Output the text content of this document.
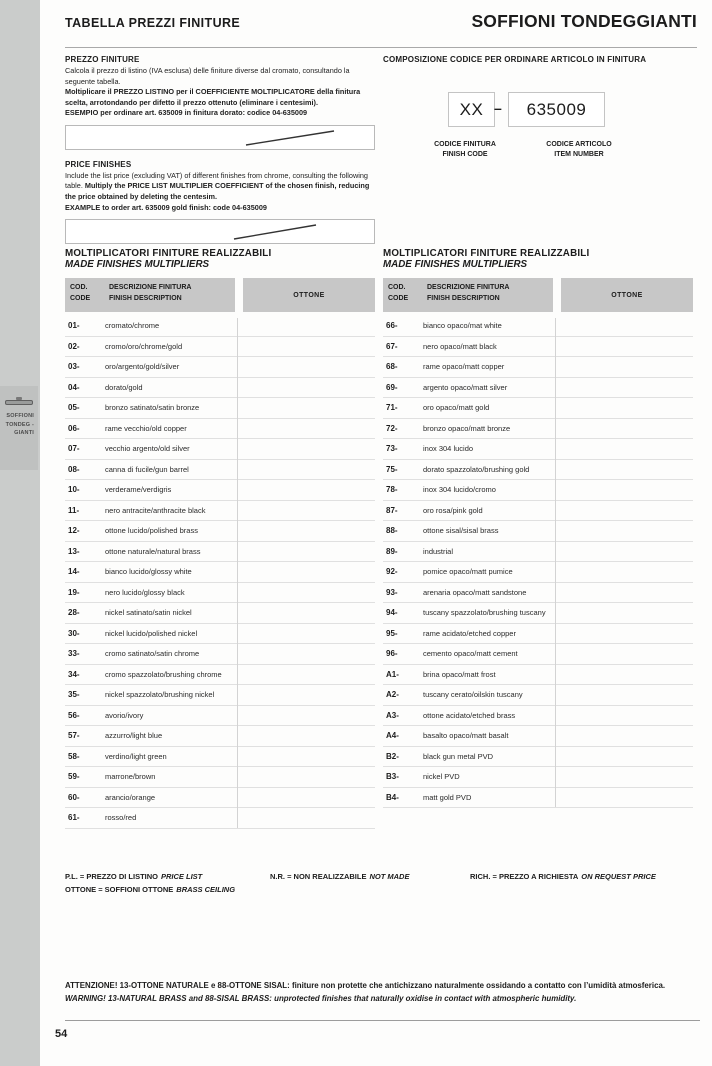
SOFFIONI
TONDEG -
GIANTI
TABELLA PREZZI FINITURE	SOFFIONI TONDEGGIANTI
PREZZO FINITURE
Calcola il prezzo di listino (IVA esclusa) delle finiture diverse dal cromato, consultando la seguente tabella.
Moltiplicare il PREZZO LISTINO per il COEFFICIENTE MOLTIPLICATORE della finitura scelta, arrotondando per difetto il prezzo ottenuto (eliminare i centesimi).
ESEMPIO per ordinare art. 635009 in finitura dorato: codice 04-635009
PRICE FINISHES
Include the list price (excluding VAT) of different finishes from chrome, consulting the following table. Multiply the PRICE LIST MULTIPLIER COEFFICIENT of the chosen finish, reducing the price obtained by deleting the centesim.
EXAMPLE to order art. 635009 gold finish: code 04-635009
COMPOSIZIONE CODICE PER ORDINARE ARTICOLO IN FINITURA
XX –	635009
CODICE FINITURA
FINISH CODE
CODICE ARTICOLO
ITEM NUMBER
MOLTIPLICATORI FINITURE REALIZZABILI
MADE FINISHES MULTIPLIERS
COD.
CODE
DESCRIZIONE FINITURA
FINISH DESCRIPTION	OTTONE
01-	cromato/chrome
02-	cromo/oro/chrome/gold
03-	oro/argento/gold/silver
04-	dorato/gold
05-	bronzo satinato/satin bronze
06-	rame vecchio/old copper
07-	vecchio argento/old silver
08-	canna di fucile/gun barrel
10-	verderame/verdigris
11-	nero antracite/anthracite black
12-	ottone lucido/polished brass
13-	ottone naturale/natural brass
14-	bianco lucido/glossy white
19-	nero lucido/glossy black
28-	nickel satinato/satin nickel
30-	nickel lucido/polished nickel
33-	cromo satinato/satin chrome
34-	cromo spazzolato/brushing chrome
35-	nickel spazzolato/brushing nickel
56-	avorio/ivory
57-	azzurro/light blue
58-	verdino/light green
59-	marrone/brown
60-	arancio/orange
61-	rosso/red
MOLTIPLICATORI FINITURE REALIZZABILI
MADE FINISHES MULTIPLIERS
COD.
CODE
DESCRIZIONE FINITURA
FINISH DESCRIPTION	OTTONE
66-	bianco opaco/mat white
67-	nero opaco/matt black
68-	rame opaco/matt copper
69-	argento opaco/matt silver
71-	oro opaco/matt gold
72-	bronzo opaco/matt bronze
73-	inox 304 lucido
75-	dorato spazzolato/brushing gold
78-	inox 304 lucido/cromo
87-	oro rosa/pink gold
88-	ottone sisal/sisal brass
89-	industrial
92-	pomice opaco/matt pumice
93-	arenaria opaco/matt sandstone
94-	tuscany spazzolato/brushing tuscany
95-	rame acidato/etched copper
96-	cemento opaco/matt cement
A1-	brina opaco/matt frost
A2-	tuscany cerato/oilskin tuscany
A3-	ottone acidato/etched brass
A4-	basalto opaco/matt basalt
B2-	black gun metal PVD
B3-	nickel PVD
B4-	matt gold PVD
P.L. = PREZZO DI LISTINO PRICE LIST	N.R. = NON REALIZZABILE NOT MADE	RICH. = PREZZO A RICHIESTA ON REQUEST PRICE
OTTONE = SOFFIONI OTTONE BRASS CEILING
ATTENZIONE! 13-OTTONE NATURALE e 88-OTTONE SISAL: finiture non protette che antichizzano naturalmente ossidando a contatto con l’umidità atmosferica.
WARNING! 13-NATURAL BRASS and 88-SISAL BRASS: unprotected finishes that naturally oxidise in contact with atmospheric humidity.
54
